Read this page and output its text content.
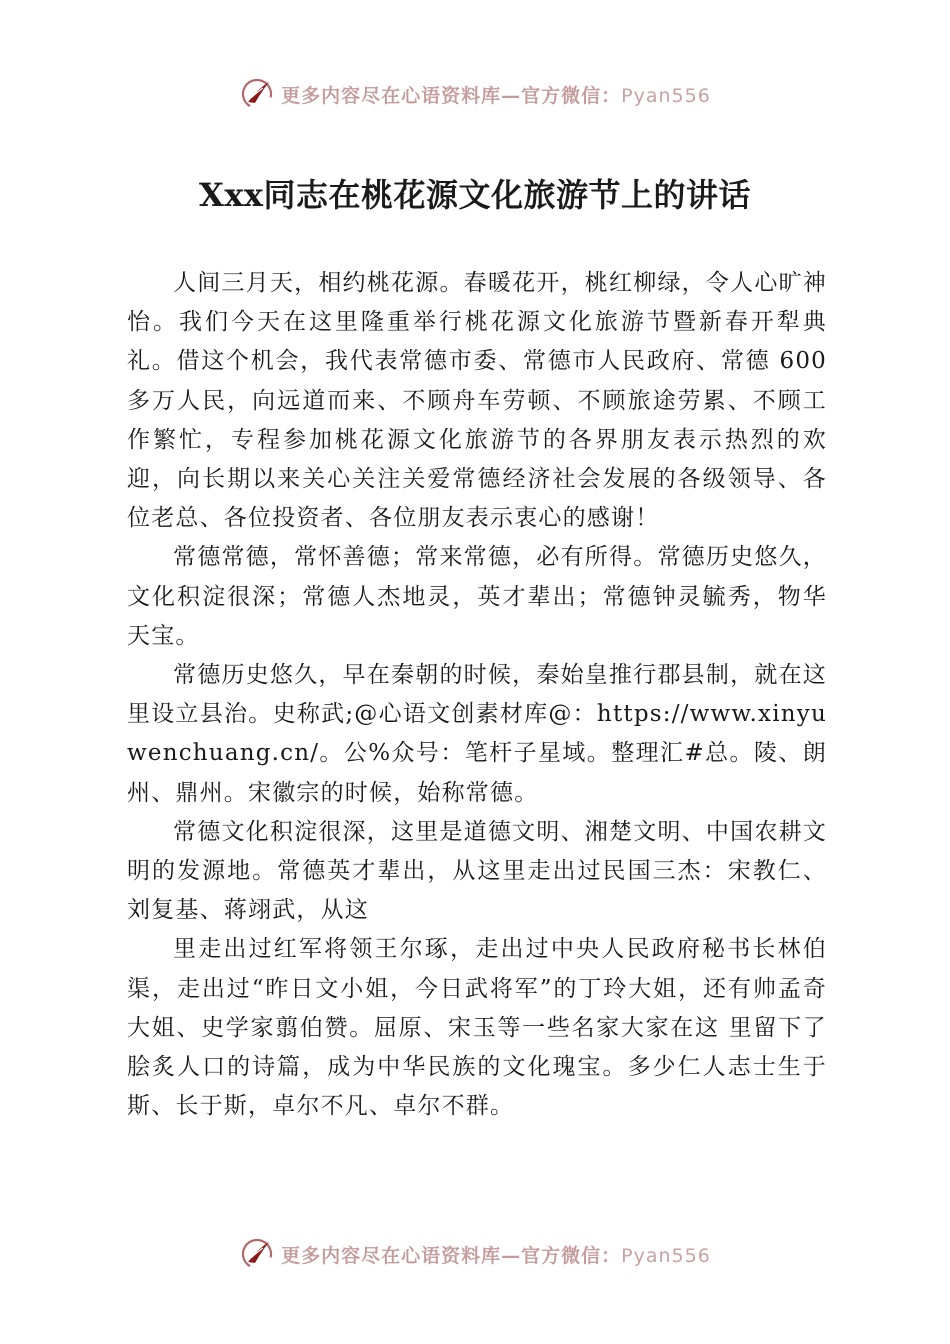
更多内容尽在心语资料库—官方微信：Pyan556
Xxx同志在桃花源文化旅游节上的讲话

人间三月天，相约桃花源。春暖花开，桃红柳绿，令人心旷神怡。我们今天在这里隆重举行桃花源文化旅游节暨新春开犁典礼。借这个机会，我代表常德市委、常德市人民政府、常德 600 多万人民，向远道而来、不顾舟车劳顿、不顾旅途劳累、不顾工作繁忙，专程参加桃花源文化旅游节的各界朋友表示热烈的欢迎，向长期以来关心关注关爱常德经济社会发展的各级领导、各位老总、各位投资者、各位朋友表示衷心的感谢！

常德常德，常怀善德；常来常德，必有所得。常德历史悠久，文化积淀很深；常德人杰地灵，英才辈出；常德钟灵毓秀，物华天宝。

常德历史悠久，早在秦朝的时候，秦始皇推行郡县制，就在这里设立县治。史称武;@心语文创素材库@：https://www.xinyuwenchuang.cn/。公%众号：笔杆子星域。整理汇#总。陵、朗州、鼎州。宋徽宗的时候，始称常德。

常德文化积淀很深，这里是道德文明、湘楚文明、中国农耕文明的发源地。常德英才辈出，从这里走出过民国三杰：宋教仁、刘复基、蒋翊武，从这

里走出过红军将领王尔琢，走出过中央人民政府秘书长林伯渠，走出过“昨日文小姐，今日武将军”的丁玲大姐，还有帅孟奇大姐、史学家翦伯赞。屈原、宋玉等一些名家大家在这 里留下了脍炙人口的诗篇，成为中华民族的文化瑰宝。多少仁人志士生于斯、长于斯，卓尔不凡、卓尔不群。

更多内容尽在心语资料库—官方微信：Pyan556
